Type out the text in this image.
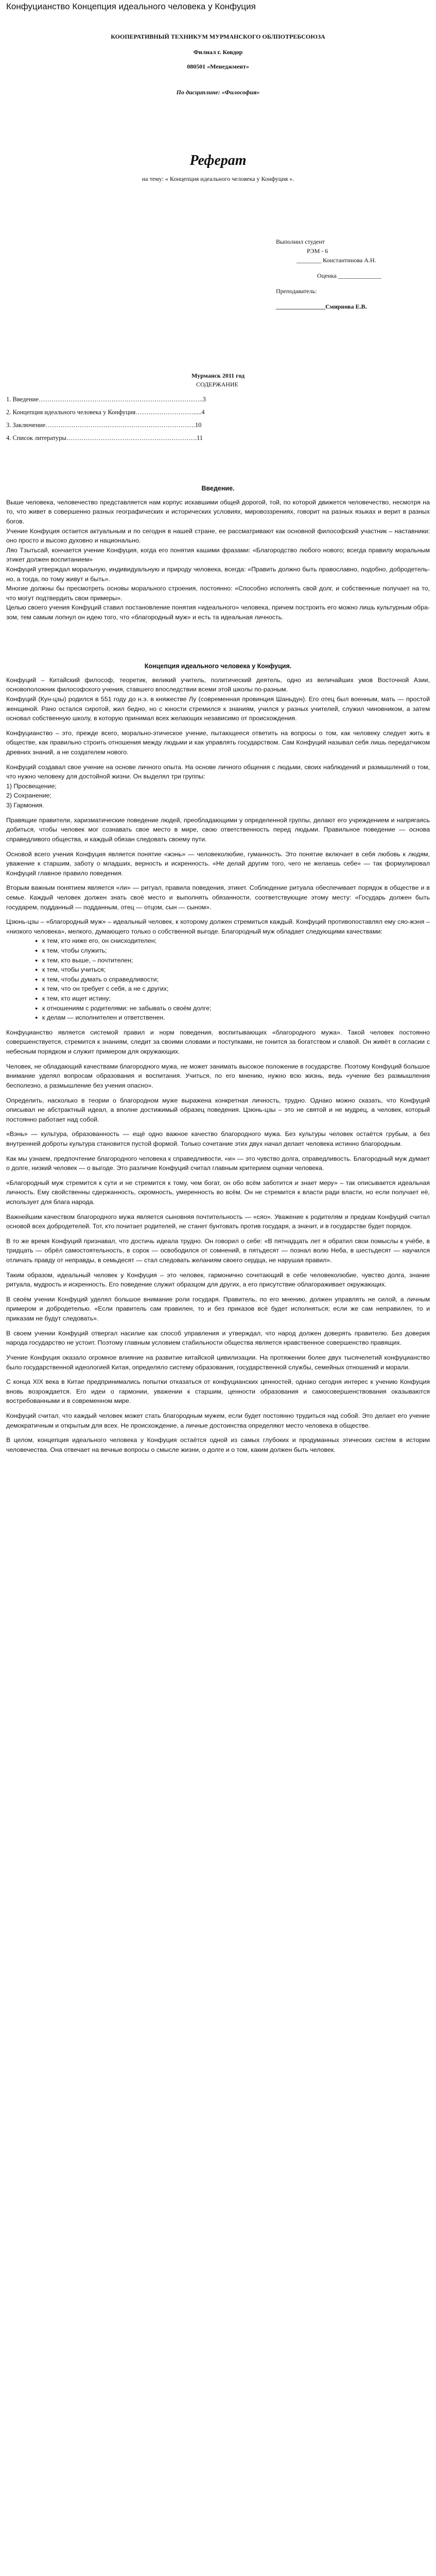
Конфуцианство Концепция идеального человека у Конфуция
КООПЕРАТИВНЫЙ ТЕХНИКУМ МУРМАНСКОГО ОБЛПОТРЕБСОЮЗА
Филиал г. Ковдор
080501 «Менеджмент»
По дисциплине: «Философия»
Реферат
на тему: « Концепция идеального человека у Конфуция ».
Выполнил студент
РЭМ - 6
________ Константинова А.Н.
Оценка ______________
Преподаватель:
________________Смирнова Е.В.
Мурманск 2011 год
СОДЕРЖАНИЕ
1. Введение…………………………………………………………………..3
2. Концепция идеального человека у Конфуция……………………….....4
3. Заключение…………………………………………………………….10
4. Список литературы…………………………………………………….11
Введение.

Выше человека, человечество представляется нам корпус искавшими общей дорогой, той, по которой движется человечество, несмотря на то, что живет в совершенно разных географических и исторических условиях, мировоззрениях, говорит на разных языках и верит в разных богов.

Учение Конфуция остается актуальным и по сегодня в нашей стране, ее рассматривают как основной философский участник – наставники: оно просто и высоко духовно и национально.

Ляо Тзытьсай, кончается учение Конфуция, когда его понятия кашими фразами: «Благородство любого нового; всегда правилу моральным этикет должен воспитанием»

Конфуций утверждал моральную, индивидуальную и природу человека, всегда: «Править должно быть православно, подобно, добродетельно, а тогда, по тому живут и быть».

Многие должны бы пресмотреть основы морального строения, постоянно: «Способно исполнять свой долг, и собственные получает на то, что могут подтвердить свои примеры».

Целью своего учения Конфуций ставил постановление понятия «идеального» человека, причем построить его можно лишь культурным образом, тем самым лопнул он идею того, что «благородный муж» и есть та идеальная личность.

Концепция идеального человека у Конфуция.

Конфуций – Китайский философ, теоретик, великий учитель, политический деятель, одно из величайших умов Восточной Азии, основоположник философского учения, ставшего впоследствии всеми этой школы по-разным.

Конфуций (Кун-цзы) родился в 551 году до н.э. в княжестве Лу (современная провинция Шаньдун). Его отец был военным, мать — простой женщиной. Рано остался сиротой, жил бедно, но с юности стремился к знаниям, учился у разных учителей, служил чиновником, а затем основал собственную школу, в которую принимал всех желающих независимо от происхождения.

Конфуцианство – это, прежде всего, морально-этическое учение, пытающееся ответить на вопросы о том, как человеку следует жить в обществе, как правильно строить отношения между людьми и как управлять государством. Сам Конфуций называл себя лишь передатчиком древних знаний, а не создателем нового.

Конфуций создавал свое учение на основе личного опыта. На основе личного общения с людьми, своих наблюдений и размышлений о том, что нужно человеку для достойной жизни. Он выделял три группы:

1) Просвещение;
2) Сохранение;
3) Гармония.

Правящие правители, харизматические поведение людей, преобладающими у определенной группы, делают его учреждением и напрягаясь добиться, чтобы человек мог сознавать свое место в мире, свою ответственность перед людьми. Правильное поведение — основа справедливого общества, и каждый обязан следовать своему пути.

Основой всего учения Конфуция является понятие «жэнь» — человеколюбие, гуманность. Это понятие включает в себя любовь к людям, уважение к старшим, заботу о младших, верность и искренность. «Не делай другим того, чего не желаешь себе» — так формулировал Конфуций главное правило поведения.

Вторым важным понятием является «ли» — ритуал, правила поведения, этикет. Соблюдение ритуала обеспечивает порядок в обществе и в семье. Каждый человек должен знать своё место и выполнять обязанности, соответствующие этому месту: «Государь должен быть государем, подданный — подданным, отец — отцом, сын — сыном».

Цзюнь-цзы – «благородный муж» – идеальный человек, к которому должен стремиться каждый. Конфуций противопоставлял ему сяо-жэня – «низкого человека», мелкого, думающего только о собственной выгоде. Благородный муж обладает следующими качествами:

● к тем, кто ниже его, он снисходителен;
● к тем, чтобы служить;
● к тем, кто выше, – почтителен;
● к тем, чтобы учиться;
● к тем, чтобы думать о справедливости;
● к тем, что он требует с себя, а не с других;
● к тем, кто ищет истину;
● к отношениям с родителями: не забывать о своём долге;
● к делам — исполнителен и ответственен.

Конфуцианство является системой правил и норм поведения, воспитывающих «благородного мужа». Такой человек постоянно совершенствуется, стремится к знаниям, следит за своими словами и поступками, не гонится за богатством и славой. Он живёт в согласии с небесным порядком и служит примером для окружающих.

Человек, не обладающий качествами благородного мужа, не может занимать высокое положение в государстве. Поэтому Конфуций большое внимание уделял вопросам образования и воспитания. Учиться, по его мнению, нужно всю жизнь, ведь «учение без размышления бесполезно, а размышление без учения опасно».

Определить, насколько в теории о благородном муже выражена конкретная личность, трудно. Однако можно сказать, что Конфуций описывал не абстрактный идеал, а вполне достижимый образец поведения. Цзюнь-цзы – это не святой и не мудрец, а человек, который постоянно работает над собой.

«Вэнь» — культура, образованность — ещё одно важное качество благородного мужа. Без культуры человек остаётся грубым, а без внутренней доброты культура становится пустой формой. Только сочетание этих двух начал делает человека истинно благородным.

Как мы узнаем, предпочтение благородного человека к справедливости, «и» — это чувство долга, справедливость. Благородный муж думает о долге, низкий человек — о выгоде. Это различие Конфуций считал главным критерием оценки человека.

«Благородный муж стремится к сути и не стремится к тому, чем богат, он обо всём заботится и знает меру» – так описывается идеальная личность. Ему свойственны сдержанность, скромность, умеренность во всём. Он не стремится к власти ради власти, но если получает её, использует для блага народа.

Важнейшим качеством благородного мужа является сыновняя почтительность — «сяо». Уважение к родителям и предкам Конфуций считал основой всех добродетелей. Тот, кто почитает родителей, не станет бунтовать против государя, а значит, и в государстве будет порядок.

В то же время Конфуций признавал, что достичь идеала трудно. Он говорил о себе: «В пятнадцать лет я обратил свои помыслы к учёбе, в тридцать — обрёл самостоятельность, в сорок — освободился от сомнений, в пятьдесят — познал волю Неба, в шестьдесят — научился отличать правду от неправды, в семьдесят — стал следовать желаниям своего сердца, не нарушая правил».

Таким образом, идеальный человек у Конфуция – это человек, гармонично сочетающий в себе человеколюбие, чувство долга, знание ритуала, мудрость и искренность. Его поведение служит образцом для других, а его присутствие облагораживает окружающих.

В своём учении Конфуций уделял большое внимание роли государя. Правитель, по его мнению, должен управлять не силой, а личным примером и добродетелью. «Если правитель сам правилен, то и без приказов всё будет исполняться; если же сам неправилен, то и приказам не будут следовать».

В своем учении Конфуций отвергал насилие как способ управления и утверждал, что народ должен доверять правителю. Без доверия народа государство не устоит. Поэтому главным условием стабильности общества является нравственное совершенство правящих.

Учение Конфуция оказало огромное влияние на развитие китайской цивилизации. На протяжении более двух тысячелетий конфуцианство было государственной идеологией Китая, определяло систему образования, государственной службы, семейных отношений и морали.

С конца XIX века в Китае предпринимались попытки отказаться от конфуцианских ценностей, однако сегодня интерес к учению Конфуция вновь возрождается. Его идеи о гармонии, уважении к старшим, ценности образования и самосовершенствования оказываются востребованными и в современном мире.

Конфуций считал, что каждый человек может стать благородным мужем, если будет постоянно трудиться над собой. Это делает его учение демократичным и открытым для всех. Не происхождение, а личные достоинства определяют место человека в обществе.

В целом, концепция идеального человека у Конфуция остаётся одной из самых глубоких и продуманных этических систем в истории человечества. Она отвечает на вечные вопросы о смысле жизни, о долге и о том, каким должен быть человек.
